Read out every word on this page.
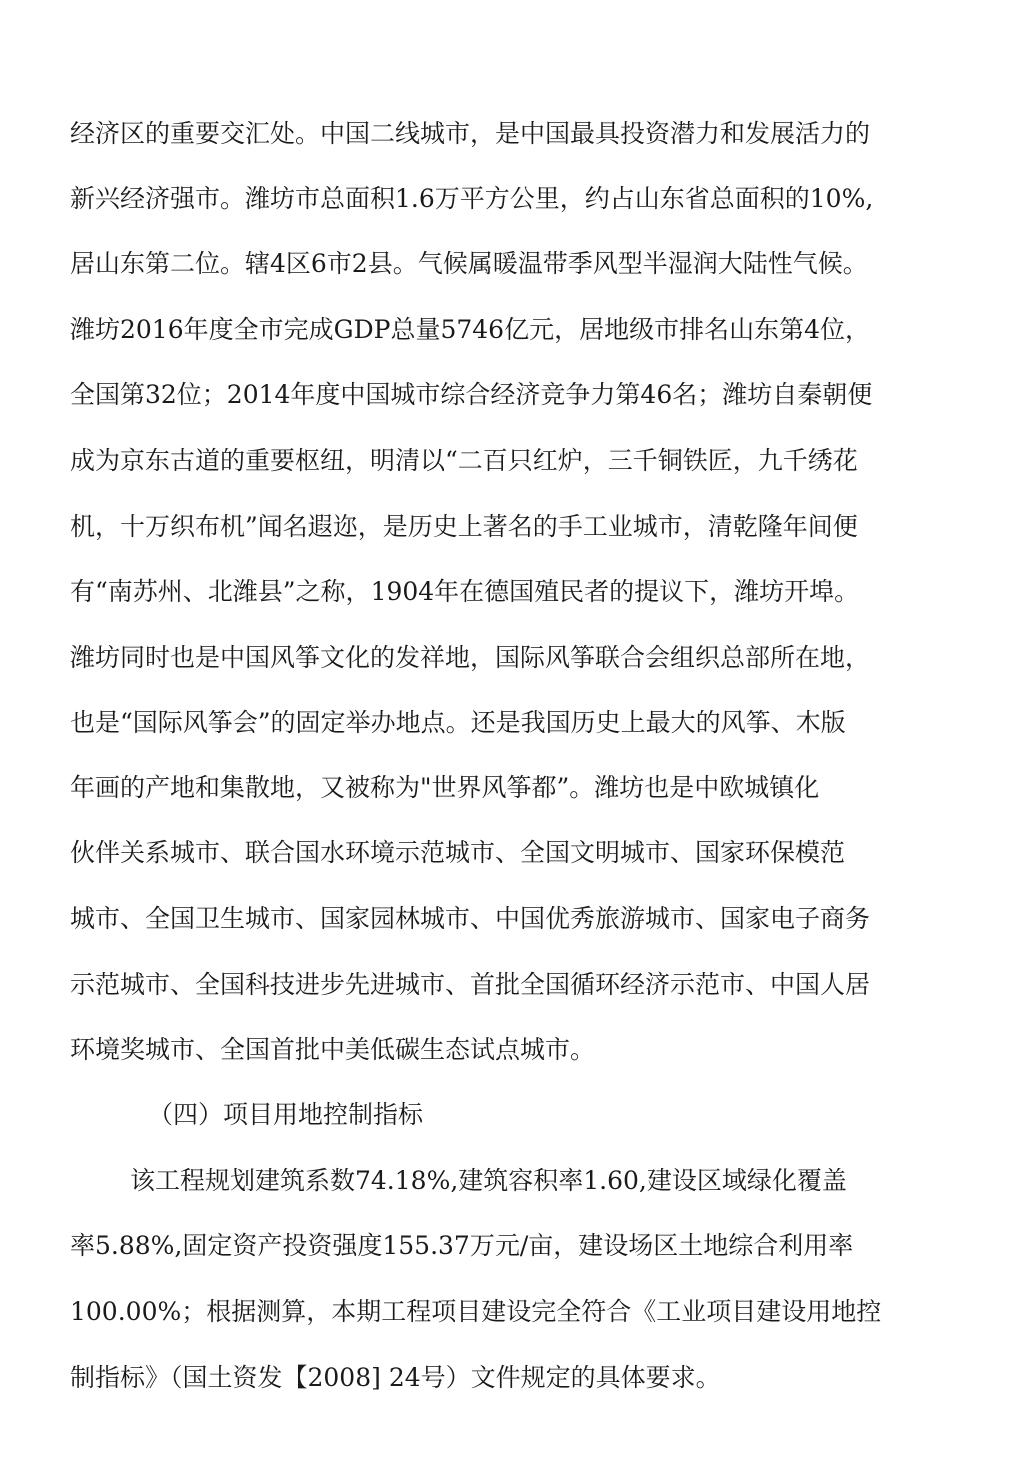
经济区的重要交汇处。中国二线城市，是中国最具投资潜力和发展活力的
新兴经济强市。潍坊市总面积1.6万平方公里，约占山东省总面积的10%,
居山东第二位。辖4区6市2县。气候属暖温带季风型半湿润大陆性气候。
潍坊2016年度全市完成GDP总量5746亿元，居地级市排名山东第4位，
全国第32位；2014年度中国城市综合经济竞争力第46名；潍坊自秦朝便
成为京东古道的重要枢纽，明清以“二百只红炉，三千铜铁匠，九千绣花
机，十万织布机”闻名遐迩，是历史上著名的手工业城市，清乾隆年间便
有“南苏州、北潍县”之称，1904年在德国殖民者的提议下，潍坊开埠。
潍坊同时也是中国风筝文化的发祥地，国际风筝联合会组织总部所在地，
也是“国际风筝会”的固定举办地点。还是我国历史上最大的风筝、木版
年画的产地和集散地，又被称为"世界风筝都”。潍坊也是中欧城镇化
伙伴关系城市、联合国水环境示范城市、全国文明城市、国家环保模范
城市、全国卫生城市、国家园林城市、中国优秀旅游城市、国家电子商务
示范城市、全国科技进步先进城市、首批全国循环经济示范市、中国人居
环境奖城市、全国首批中美低碳生态试点城市。
（四）项目用地控制指标
该工程规划建筑系数74.18%,建筑容积率1.60,建设区域绿化覆盖
率5.88%,固定资产投资强度155.37万元/亩，建设场区土地综合利用率
100.00%；根据测算，本期工程项目建设完全符合《工业项目建设用地控
制指标》（国土资发【2008] 24号）文件规定的具体要求。
